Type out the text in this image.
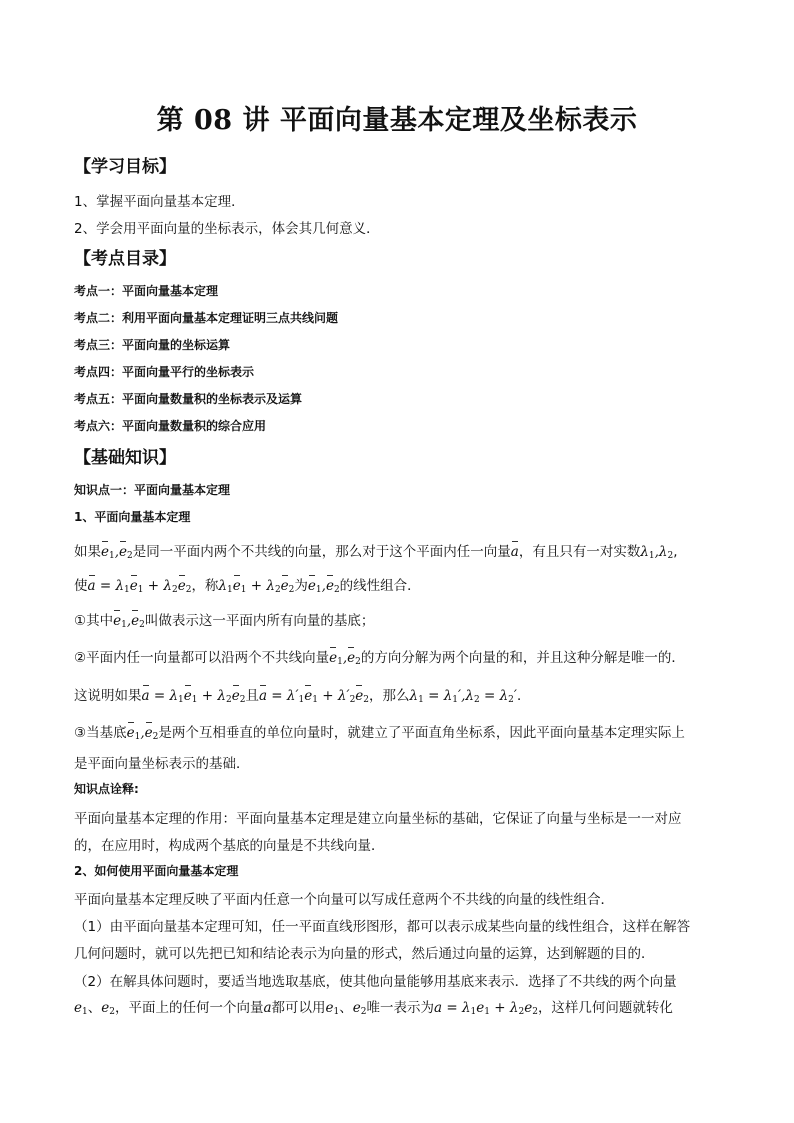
第 08 讲 平面向量基本定理及坐标表示
【学习目标】
1、掌握平面向量基本定理．
2、学会用平面向量的坐标表示，体会其几何意义．
【考点目录】
考点一：平面向量基本定理
考点二：利用平面向量基本定理证明三点共线问题
考点三：平面向量的坐标运算
考点四：平面向量平行的坐标表示
考点五：平面向量数量积的坐标表示及运算
考点六：平面向量数量积的综合应用
【基础知识】
知识点一：平面向量基本定理
1、平面向量基本定理
如果$e_1,e_2$是同一平面内两个不共线的向量，那么对于这个平面内任一向量a，有且只有一对实数$\lambda_1,\lambda_2$,
使$a = \lambda_1e_1 + \lambda_2e_2$，称$\lambda_1e_1 + \lambda_2e_2$为$e_1,e_2$的线性组合．
①其中$e_1,e_2$叫做表示这一平面内所有向量的基底；
②平面内任一向量都可以沿两个不共线向量$e_1,e_2$的方向分解为两个向量的和，并且这种分解是唯一的．
这说明如果$a = \lambda_1e_1 + \lambda_2e_2$且$a = \lambda'_1e_1 + \lambda'_2e_2$，那么$\lambda_1 = \lambda_1',\lambda_2 = \lambda_2'$．
③当基底$e_1,e_2$是两个互相垂直的单位向量时，就建立了平面直角坐标系，因此平面向量基本定理实际上
是平面向量坐标表示的基础．
知识点诠释:
平面向量基本定理的作用：平面向量基本定理是建立向量坐标的基础，它保证了向量与坐标是一一对应
的，在应用时，构成两个基底的向量是不共线向量．
2、如何使用平面向量基本定理
平面向量基本定理反映了平面内任意一个向量可以写成任意两个不共线的向量的线性组合．
（1）由平面向量基本定理可知，任一平面直线形图形，都可以表示成某些向量的线性组合，这样在解答
几何问题时，就可以先把已知和结论表示为向量的形式，然后通过向量的运算，达到解题的目的．
（2）在解具体问题时，要适当地选取基底，使其他向量能够用基底来表示．选择了不共线的两个向量
$e_1$、$e_2$，平面上的任何一个向量a都可以用$e_1$、$e_2$唯一表示为$a = \lambda_1e_1 + \lambda_2e_2$，这样几何问题就转化
